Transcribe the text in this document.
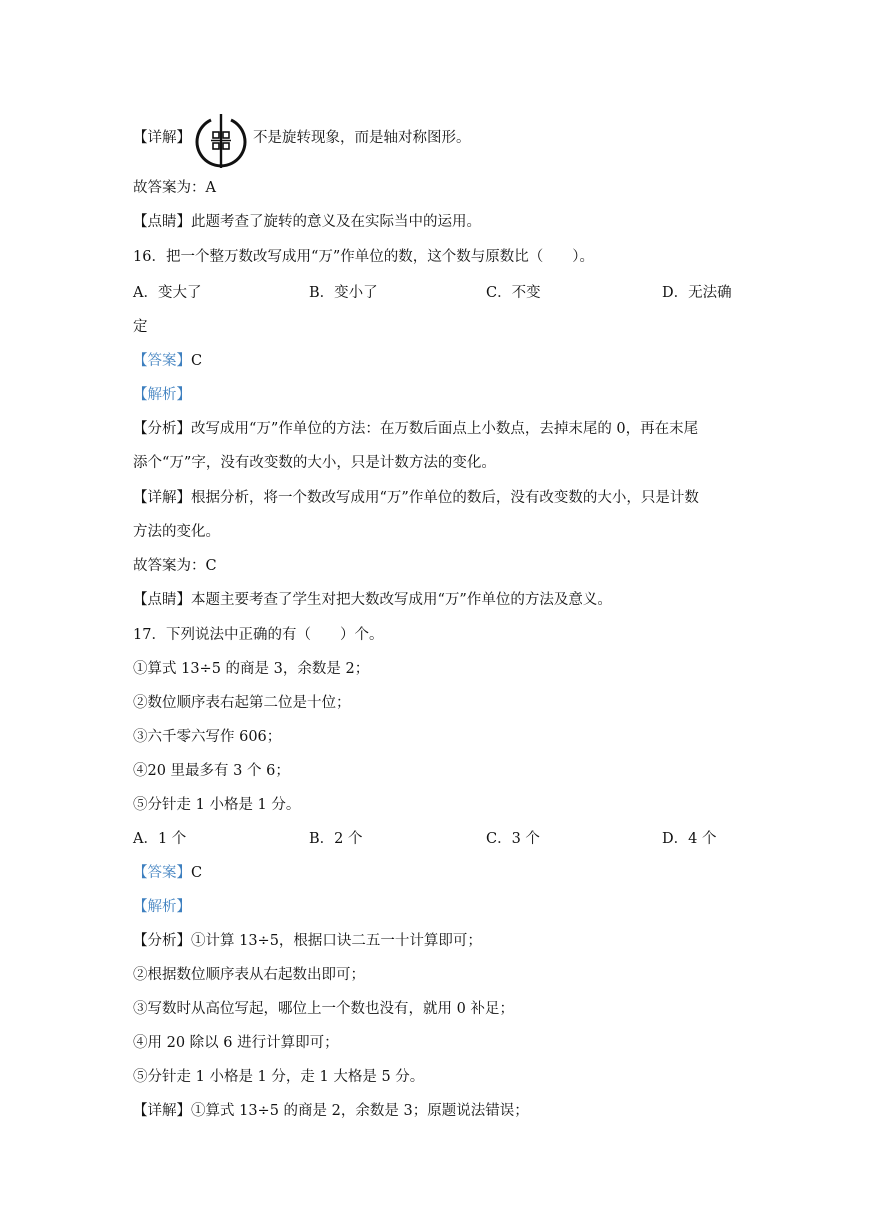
【详解】	不是旋转现象，而是轴对称图形。
故答案为：A
【点睛】此题考查了旋转的意义及在实际当中的运用。
16．把一个整万数改写成用“万”作单位的数，这个数与原数比（　　）。
A．变大了	B．变小了	C．不变	D．无法确
定
【答案】C
【解析】
【分析】改写成用“万”作单位的方法：在万数后面点上小数点，去掉末尾的 0，再在末尾
添个“万”字，没有改变数的大小，只是计数方法的变化。
【详解】根据分析，将一个数改写成用“万”作单位的数后，没有改变数的大小，只是计数
方法的变化。
故答案为：C
【点睛】本题主要考查了学生对把大数改写成用“万”作单位的方法及意义。
17．下列说法中正确的有（　　）个。
①算式 13÷5 的商是 3，余数是 2；
②数位顺序表右起第二位是十位；
③六千零六写作 606；
④20 里最多有 3 个 6；
⑤分针走 1 小格是 1 分。
A．1 个	B．2 个	C．3 个	D．4 个
【答案】C
【解析】
【分析】①计算 13÷5，根据口诀二五一十计算即可；
②根据数位顺序表从右起数出即可；
③写数时从高位写起，哪位上一个数也没有，就用 0 补足；
④用 20 除以 6 进行计算即可；
⑤分针走 1 小格是 1 分，走 1 大格是 5 分。
【详解】①算式 13÷5 的商是 2，余数是 3；原题说法错误；
